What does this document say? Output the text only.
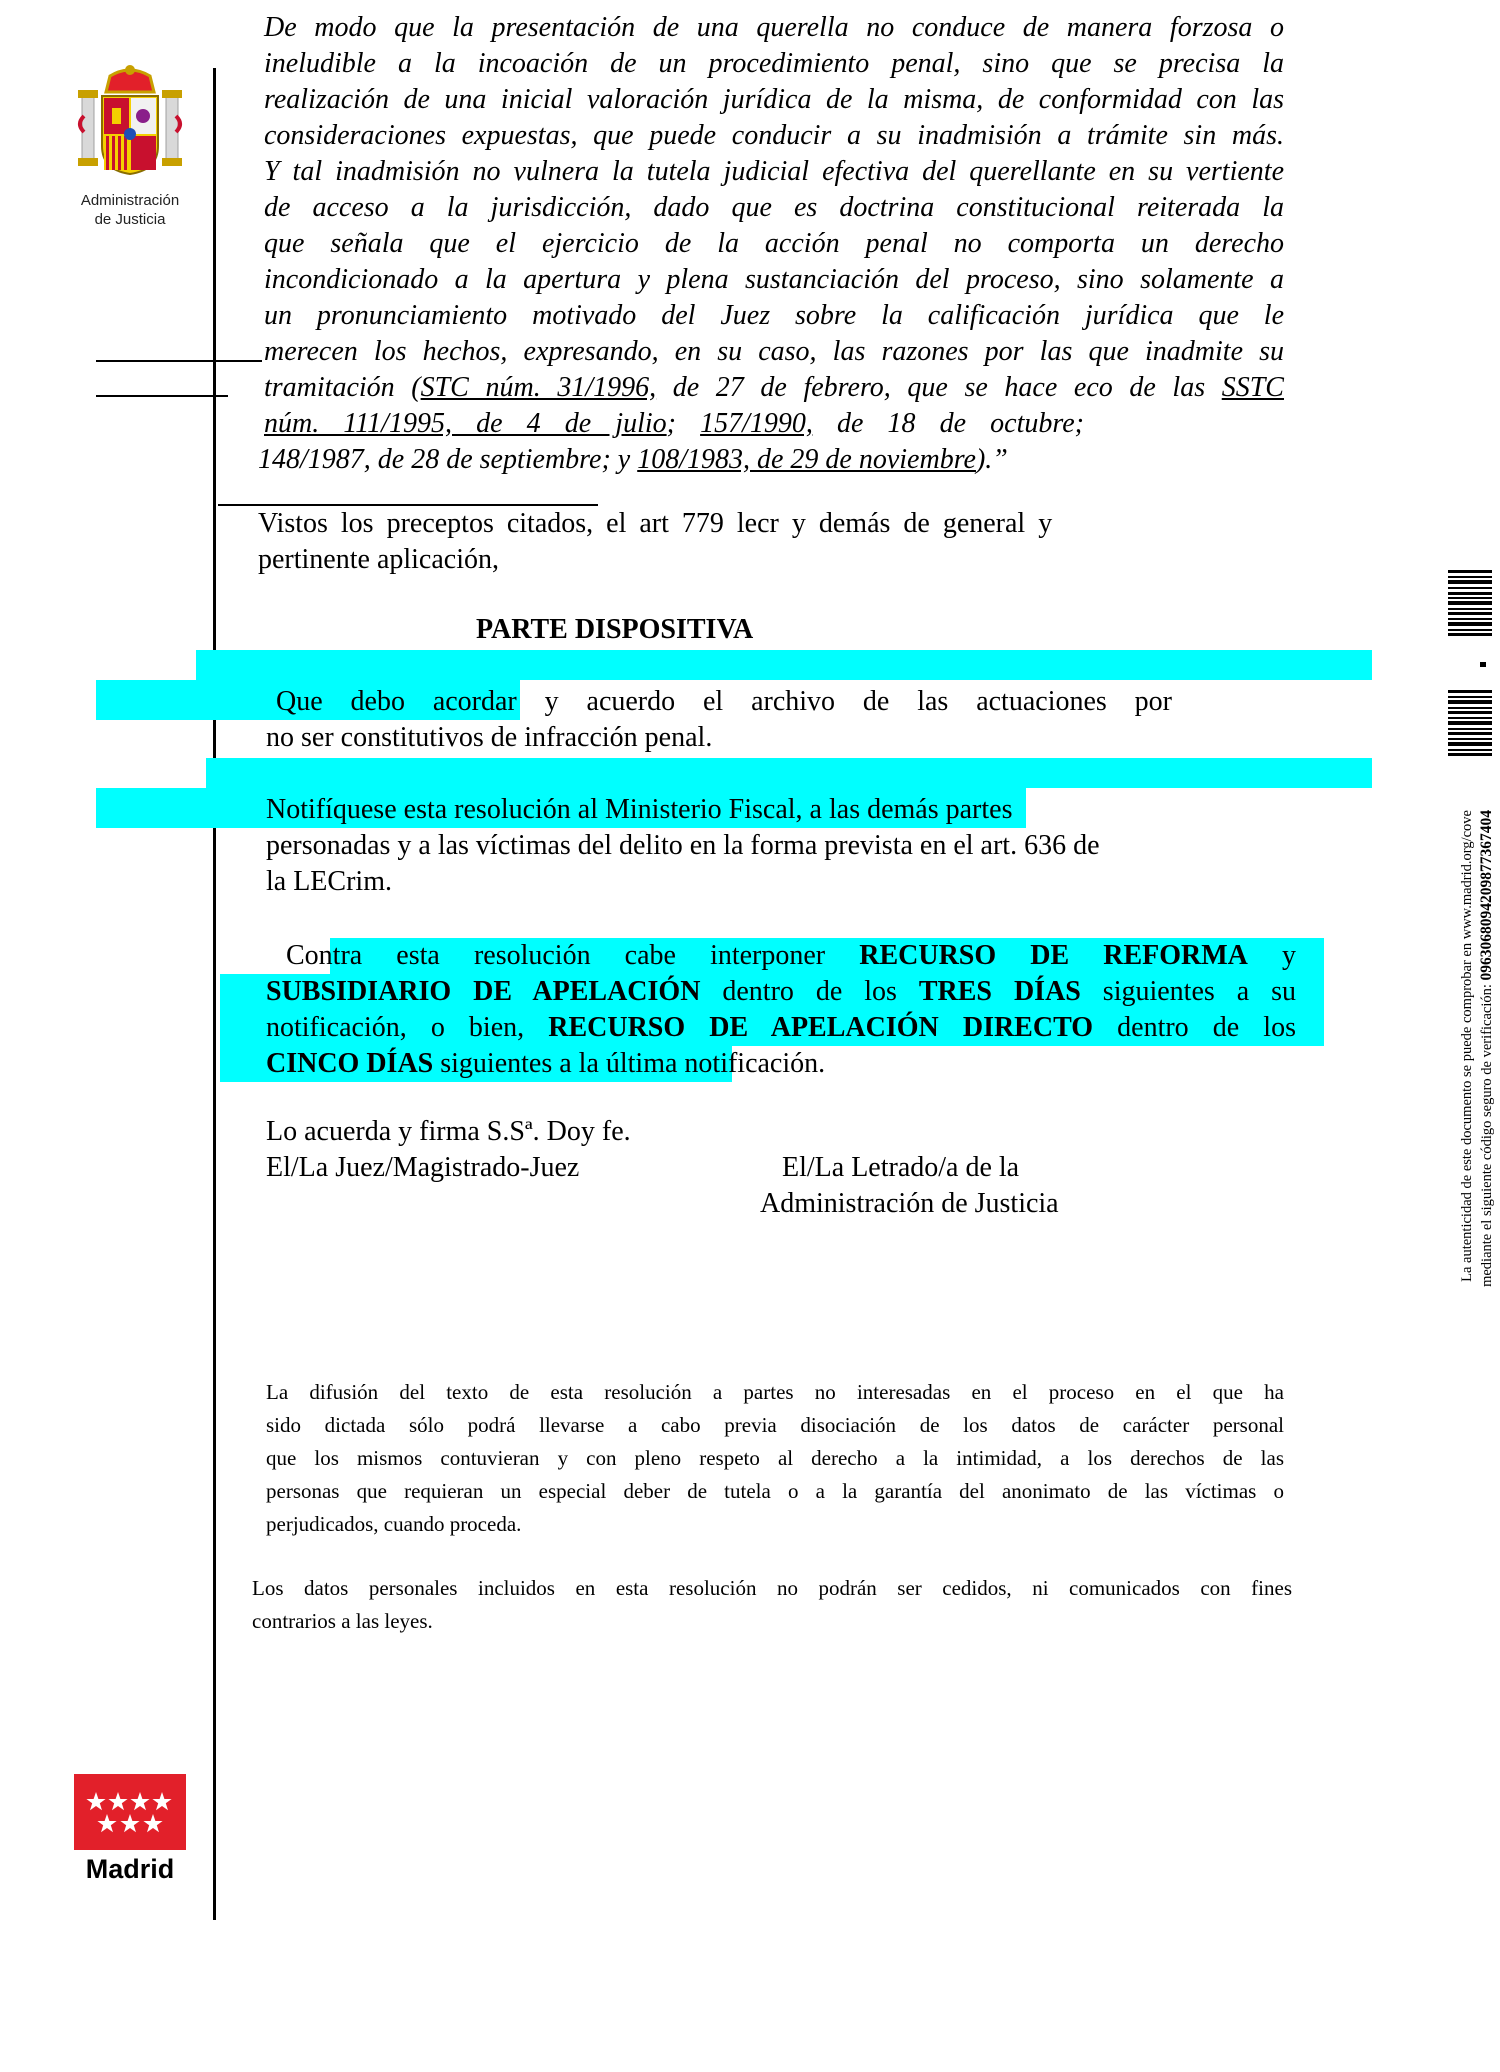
Administración
de Justicia

De modo que la presentación de una querella no conduce de manera forzosa o

ineludible a la incoación de un procedimiento penal, sino que se precisa la

realización de una inicial valoración jurídica de la misma, de conformidad con las

consideraciones expuestas, que puede conducir a su inadmisión a trámite sin más.

Y tal inadmisión no vulnera la tutela judicial efectiva del querellante en su vertiente

de acceso a la jurisdicción, dado que es doctrina constitucional reiterada la

que señala que el ejercicio de la acción penal no comporta un derecho

incondicionado a la apertura y plena sustanciación del proceso, sino solamente a

un pronunciamiento motivado del Juez sobre la calificación jurídica que le

merecen los hechos, expresando, en su caso, las razones por las que inadmite su

tramitación (STC núm. 31/1996, de 27 de febrero, que se hace eco de las SSTC

núm. 111/1995, de 4 de julio; 157/1990, de 18 de octubre;

148/1987, de 28 de septiembre; y 108/1983, de 29 de noviembre).”

Vistos los preceptos citados, el art 779 lecr y demás de general y
pertinente aplicación,
PARTE DISPOSITIVA
Que debo acordar y acuerdo el archivo de las actuaciones por
no ser constitutivos de infracción penal.
Notifíquese esta resolución al Ministerio Fiscal, a las demás partes
personadas y a las víctimas del delito en la forma prevista en el art. 636 de
la LECrim.
Contra esta resolución cabe interponer RECURSO DE REFORMA y
SUBSIDIARIO DE APELACIÓN dentro de los TRES DÍAS siguientes a su
notificación, o bien, RECURSO DE APELACIÓN DIRECTO dentro de los
CINCO DÍAS siguientes a la última notificación.
Lo acuerda y firma S.Sª. Doy fe.
El/La Juez/Magistrado-Juez	El/La Letrado/a de la
Administración de Justicia
La difusión del texto de esta resolución a partes no interesadas en el proceso en el que ha
sido dictada sólo podrá llevarse a cabo previa disociación de los datos de carácter personal
que los mismos contuvieran y con pleno respeto al derecho a la intimidad, a los derechos de las
personas que requieran un especial deber de tutela o a la garantía del anonimato de las víctimas o
perjudicados, cuando proceda.
Los datos personales incluidos en esta resolución no podrán ser cedidos, ni comunicados con fines
contrarios a las leyes.
Madrid
La autenticidad de este documento se puede comprobar en www.madrid.org/cove mediante el siguiente código seguro de verificación: 0963068094209877367404
